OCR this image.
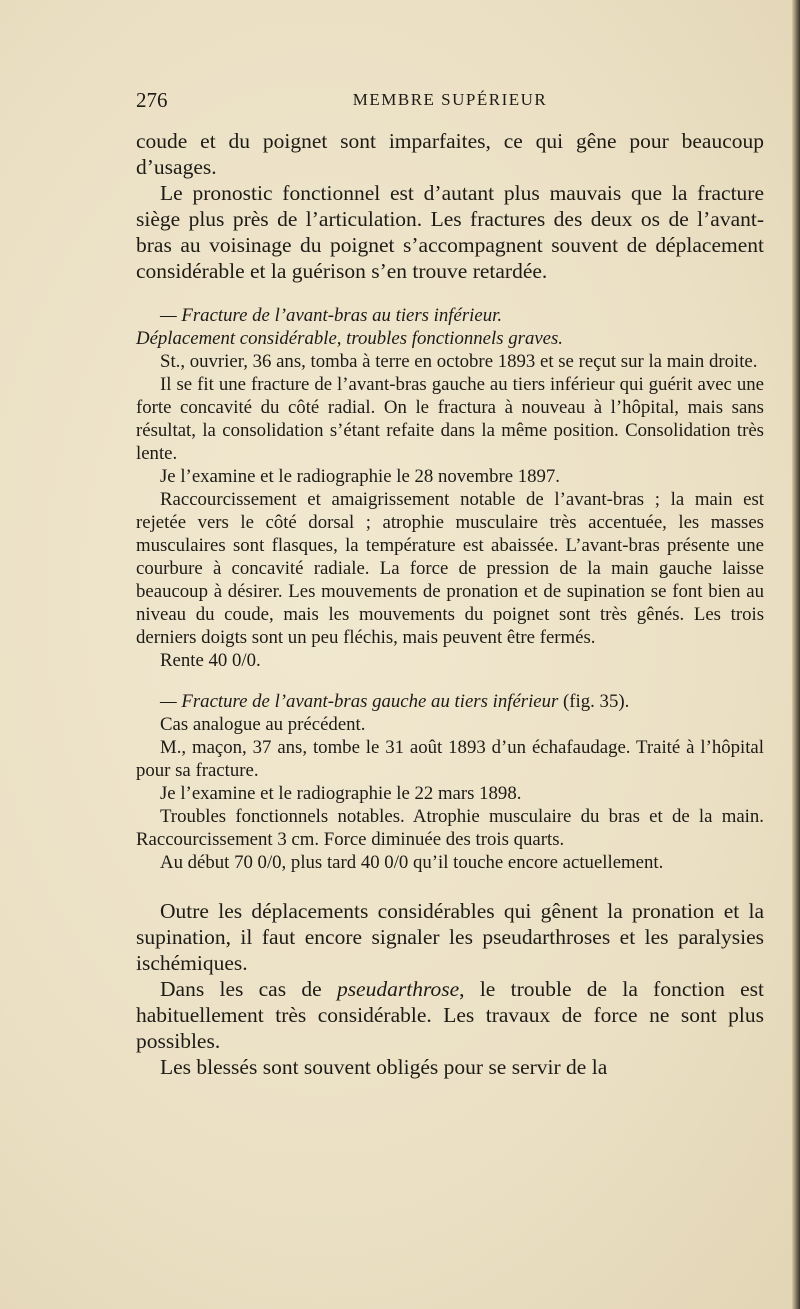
276	MEMBRE SUPÉRIEUR

coude et du poignet sont imparfaites, ce qui gêne pour beaucoup d’usages.

Le pronostic fonctionnel est d’autant plus mauvais que la fracture siège plus près de l’articulation. Les fractures des deux os de l’avant-bras au voisinage du poignet s’accompagnent souvent de déplacement considérable et la guérison s’en trouve retardée.

— Fracture de l’avant-bras au tiers inférieur.

Déplacement considérable, troubles fonctionnels graves.

St., ouvrier, 36 ans, tomba à terre en octobre 1893 et se reçut sur la main droite.

Il se fit une fracture de l’avant-bras gauche au tiers inférieur qui guérit avec une forte concavité du côté radial. On le fractura à nouveau à l’hôpital, mais sans résultat, la consolidation s’étant refaite dans la même position. Consolidation très lente.

Je l’examine et le radiographie le 28 novembre 1897.

Raccourcissement et amaigrissement notable de l’avant-bras ; la main est rejetée vers le côté dorsal ; atrophie musculaire très accentuée, les masses musculaires sont flasques, la température est abaissée. L’avant-bras présente une courbure à concavité radiale. La force de pression de la main gauche laisse beaucoup à désirer. Les mouvements de pronation et de supination se font bien au niveau du coude, mais les mouvements du poignet sont très gênés. Les trois derniers doigts sont un peu fléchis, mais peuvent être fermés.

Rente 40 0/0.

— Fracture de l’avant-bras gauche au tiers inférieur (fig. 35).

Cas analogue au précédent.

M., maçon, 37 ans, tombe le 31 août 1893 d’un échafaudage. Traité à l’hôpital pour sa fracture.

Je l’examine et le radiographie le 22 mars 1898.

Troubles fonctionnels notables. Atrophie musculaire du bras et de la main. Raccourcissement 3 cm. Force diminuée des trois quarts.

Au début 70 0/0, plus tard 40 0/0 qu’il touche encore actuellement.

Outre les déplacements considérables qui gênent la pronation et la supination, il faut encore signaler les pseudarthroses et les paralysies ischémiques.

Dans les cas de pseudarthrose, le trouble de la fonction est habituellement très considérable. Les travaux de force ne sont plus possibles.

Les blessés sont souvent obligés pour se servir de la
